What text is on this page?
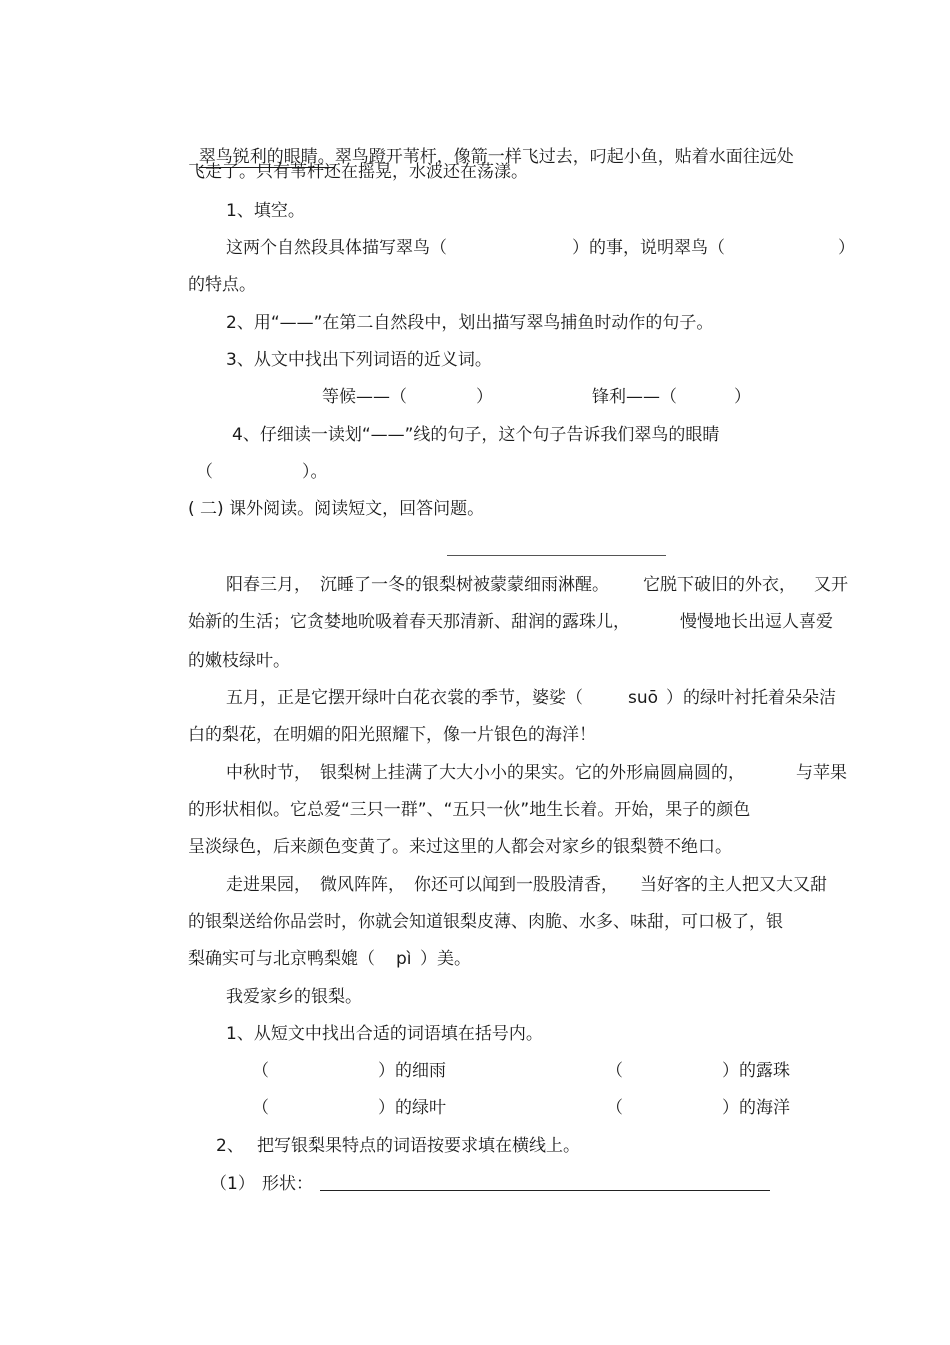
翠鸟锐利的眼睛。翠鸟蹬开苇杆，像箭一样飞过去，叼起小鱼，贴着水面往远处

飞走了。只有苇杆还在摇晃，水波还在荡漾。
1、填空。
这两个自然段具体描写翠鸟（	）的事，说明翠鸟（	）
的特点。
2、用“——”在第二自然段中，划出描写翠鸟捕鱼时动作的句子。
3、从文中找出下列词语的近义词。
等候——（	）	锋利——（	）
4、仔细读一读划“——”线的句子，这个句子告诉我们翠鸟的眼睛
（	）。
( 二) 课外阅读。阅读短文，回答问题。
阳春三月， 沉睡了一冬的银梨树被蒙蒙细雨淋醒。 它脱下破旧的外衣， 又开
始新的生活；它贪婪地吮吸着春天那清新、甜润的露珠儿，	慢慢地长出逗人喜爱
的嫩枝绿叶。
五月，正是它摆开绿叶白花衣裳的季节，婆娑（	suō ）的绿叶衬托着朵朵洁
白的梨花，在明媚的阳光照耀下，像一片银色的海洋！
中秋时节， 银梨树上挂满了大大小小的果实。它的外形扁圆扁圆的，	与苹果
的形状相似。它总爱“三只一群”、“五只一伙”地生长着。开始，果子的颜色
呈淡绿色，后来颜色变黄了。来过这里的人都会对家乡的银梨赞不绝口。
走进果园， 微风阵阵， 你还可以闻到一股股清香， 当好客的主人把又大又甜
的银梨送给你品尝时，你就会知道银梨皮薄、肉脆、水多、味甜，可口极了，银
梨确实可与北京鸭梨媲（ pì ）美。
我爱家乡的银梨。
1、从短文中找出合适的词语填在括号内。
（	）的细雨	（	）的露珠
（	）的绿叶	（	）的海洋
2、 把写银梨果特点的词语按要求填在横线上。
（1） 形状：
